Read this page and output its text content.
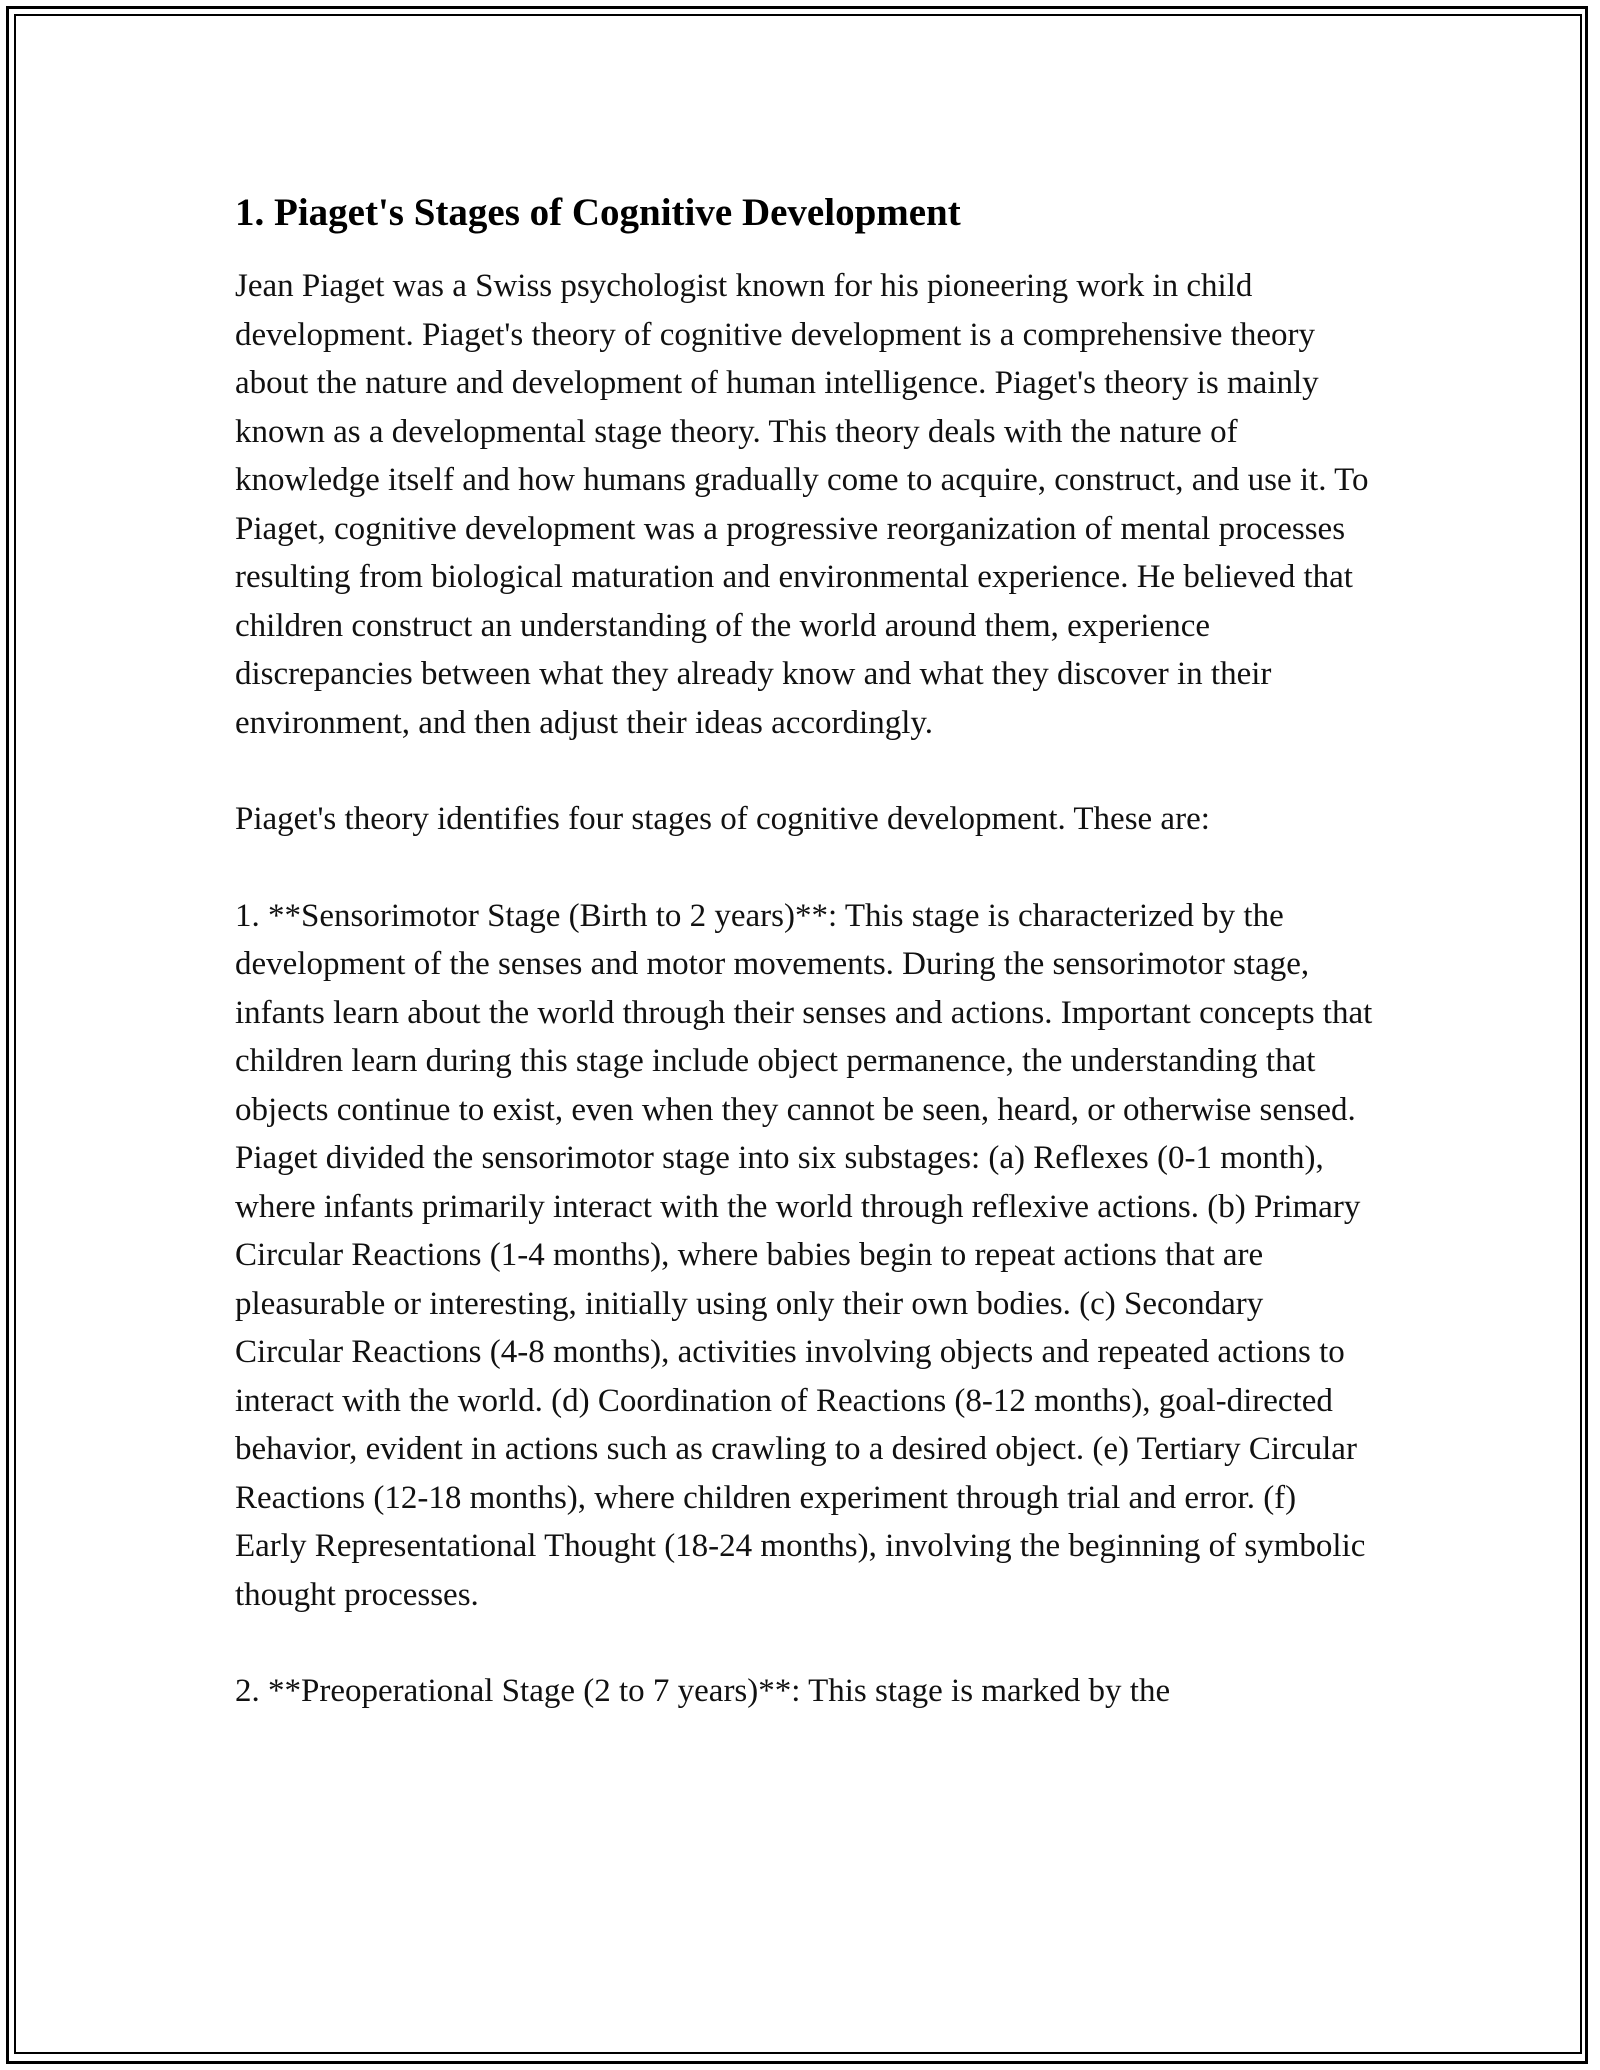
1. Piaget's Stages of Cognitive Development

Jean Piaget was a Swiss psychologist known for his pioneering work in child development. Piaget's theory of cognitive development is a comprehensive theory about the nature and development of human intelligence. Piaget's theory is mainly known as a developmental stage theory. This theory deals with the nature of knowledge itself and how humans gradually come to acquire, construct, and use it. To Piaget, cognitive development was a progressive reorganization of mental processes resulting from biological maturation and environmental experience. He believed that children construct an understanding of the world around them, experience discrepancies between what they already know and what they discover in their environment, and then adjust their ideas accordingly.

Piaget's theory identifies four stages of cognitive development. These are:

1. **Sensorimotor Stage (Birth to 2 years)**: This stage is characterized by the development of the senses and motor movements. During the sensorimotor stage, infants learn about the world through their senses and actions. Important concepts that children learn during this stage include object permanence, the understanding that objects continue to exist, even when they cannot be seen, heard, or otherwise sensed. Piaget divided the sensorimotor stage into six substages: (a) Reflexes (0-1 month), where infants primarily interact with the world through reflexive actions. (b) Primary Circular Reactions (1-4 months), where babies begin to repeat actions that are pleasurable or interesting, initially using only their own bodies. (c) Secondary Circular Reactions (4-8 months), activities involving objects and repeated actions to interact with the world. (d) Coordination of Reactions (8-12 months), goal-directed behavior, evident in actions such as crawling to a desired object. (e) Tertiary Circular Reactions (12-18 months), where children experiment through trial and error. (f) Early Representational Thought (18-24 months), involving the beginning of symbolic thought processes.

2. **Preoperational Stage (2 to 7 years)**: This stage is marked by the
